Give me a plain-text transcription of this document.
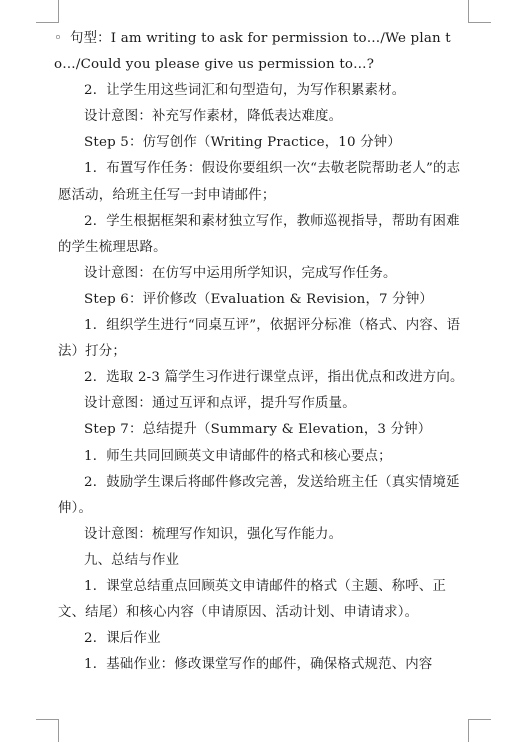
◦ 句型：I am writing to ask for permission to…/We plan to…/Could you please give us permission to…?

2．让学生用这些词汇和句型造句，为写作积累素材。

设计意图：补充写作素材，降低表达难度。

Step 5：仿写创作（Writing Practice，10 分钟）

1．布置写作任务：假设你要组织一次“去敬老院帮助老人”的志愿活动，给班主任写一封申请邮件；

2．学生根据框架和素材独立写作，教师巡视指导，帮助有困难的学生梳理思路。

设计意图：在仿写中运用所学知识，完成写作任务。

Step 6：评价修改（Evaluation & Revision，7 分钟）

1．组织学生进行“同桌互评”，依据评分标准（格式、内容、语法）打分；

2．选取 2-3 篇学生习作进行课堂点评，指出优点和改进方向。

设计意图：通过互评和点评，提升写作质量。

Step 7：总结提升（Summary & Elevation，3 分钟）

1．师生共同回顾英文申请邮件的格式和核心要点；

2．鼓励学生课后将邮件修改完善，发送给班主任（真实情境延伸）。

设计意图：梳理写作知识，强化写作能力。

九、总结与作业

1．课堂总结重点回顾英文申请邮件的格式（主题、称呼、正文、结尾）和核心内容（申请原因、活动计划、申请请求）。

2．课后作业

1．基础作业：修改课堂写作的邮件，确保格式规范、内容
